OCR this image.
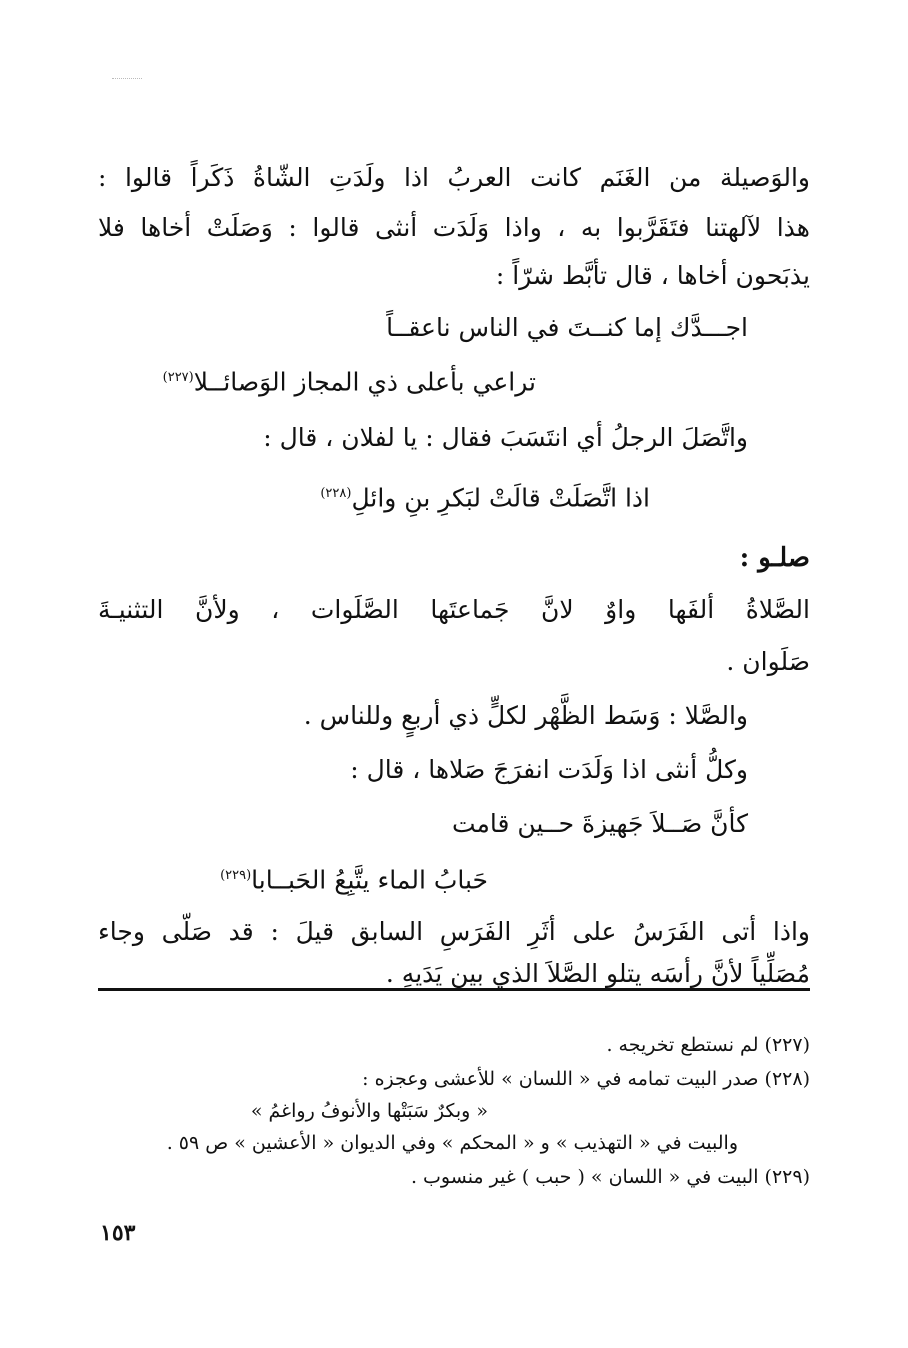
والوَصيلة من الغَنَم كانت العربُ اذا ولَدَتِ الشّاةُ ذَكَراً قالوا :
هذا لآلهتنا فتَقَرَّبوا به ، واذا وَلَدَت أنثى قالوا : وَصَلَتْ أخاها فلا
يذبَحون أخاها ، قال تأبَّط شرّاً :
اجـــدَّك إما كنــتَ في الناس ناعقــاً
تراعي بأعلى ذي المجاز الوَصائــلا$^{(٢٢٧)}$
واتَّصَلَ الرجلُ أي انتَسَبَ فقال : يا لفلان ، قال :
اذا اتَّصَلَتْ قالَتْ لبَكرِ بنِ وائلِ$^{(٢٢٨)}$
صلـو :
الصَّلاةُ ألفَها واوٌ لانَّ جَماعتَها الصَّلَوات ، ولأنَّ التثنيـةَ
صَلَوان .
والصَّلا : وَسَط الظَّهْر لكلٍّ ذي أربعٍ وللناس .
وكلُّ أنثى اذا وَلَدَت انفرَجَ صَلاها ، قال :
كأنَّ صَــلاَ جَهيزةَ حــين قامت
حَبابُ الماء يتَّبِعُ الحَبــابا$^{(٢٢٩)}$
واذا أتى الفَرَسُ على أثَرِ الفَرَسِ السابق قيلَ : قد صَلّى وجاء
مُصَلِّياً لأنَّ رأسَه يتلو الصَّلاَ الذي بين يَدَيهِ .
(٢٢٧) لم نستطع تخريجه .
(٢٢٨) صدر البيت تمامه في « اللسان » للأعشى وعجزه :
« وبكرٌ سَبَتْها والأنوفُ رواغمُ »
والبيت في « التهذيب » و « المحكم » وفي الديوان « الأعشين » ص ٥٩ .
(٢٢٩) البيت في « اللسان » ( حبب ) غير منسوب .
١٥٣
